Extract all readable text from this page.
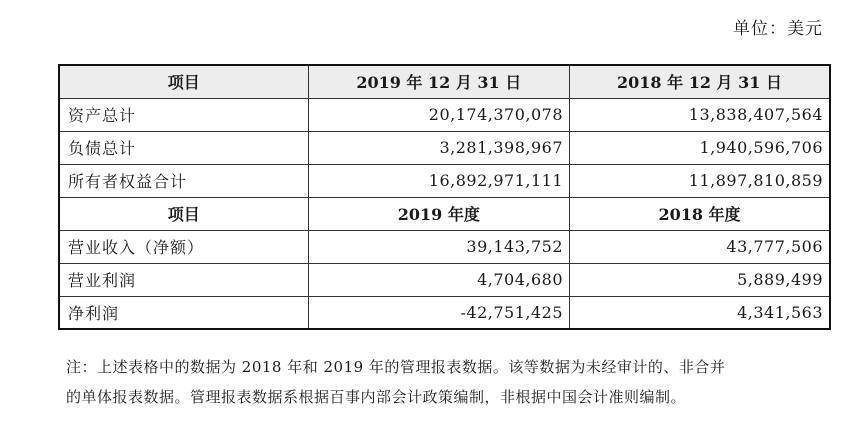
单位：美元
项目	2019 年 12 月 31 日	2018 年 12 月 31 日
资产总计	20,174,370,078	13,838,407,564
负债总计	3,281,398,967	1,940,596,706
所有者权益合计	16,892,971,111	11,897,810,859
项目	2019 年度	2018 年度
营业收入（净额）	39,143,752	43,777,506
营业利润	4,704,680	5,889,499
净利润	-42,751,425	4,341,563
注：上述表格中的数据为 2018 年和 2019 年的管理报表数据。该等数据为未经审计的、非合并
的单体报表数据。管理报表数据系根据百事内部会计政策编制，非根据中国会计准则编制。
